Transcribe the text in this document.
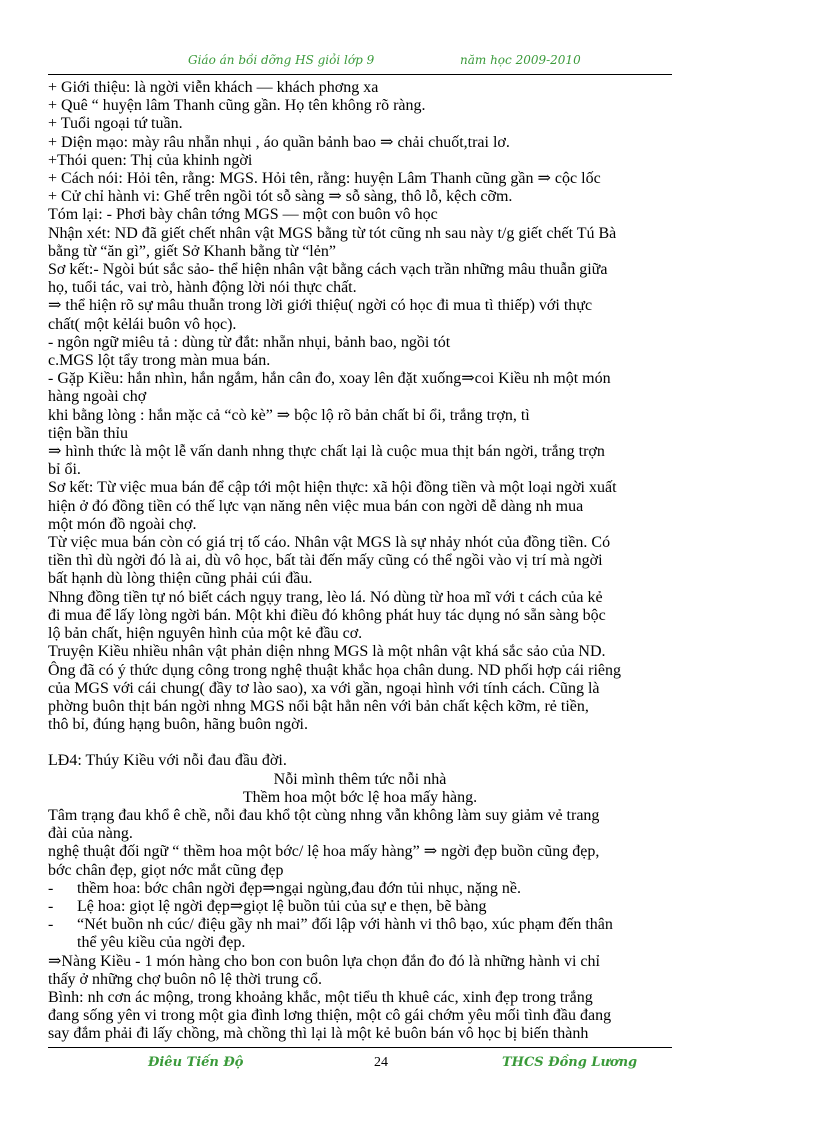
Giáo án bồi dỡng HS giỏi lớp 9	năm học 2009-2010
+ Giới thiệu: là ngời viễn khách — khách phơng xa
+ Quê “ huyện lâm Thanh cũng gần. Họ tên không rõ ràng.
+ Tuổi ngoại tứ tuần.
+ Diện mạo: mày râu nhẵn nhụi , áo quần bảnh bao ⇒ chải chuốt,trai lơ.
+Thói quen: Thị của khinh ngời
+ Cách nói: Hỏi tên, rằng: MGS. Hỏi tên, rằng: huyện Lâm Thanh cũng gần ⇒ cộc lốc
+ Cử chỉ hành vi: Ghế trên ngồi tót sỗ sàng ⇒ sỗ sàng, thô lỗ, kệch cỡm.
Tóm lại: - Phơi bày chân tớng MGS — một con buôn vô học
Nhận xét: ND đã giết chết nhân vật MGS bằng từ tót cũng nh sau này t/g giết chết Tú Bà
bằng từ “ăn gì”, giết Sở Khanh bằng từ “lẻn”
Sơ kết:- Ngòi bút sắc sảo- thể hiện nhân vật bằng cách vạch trần những mâu thuẫn giữa
họ, tuổi tác, vai trò, hành động lời nói thực chất.
⇒ thể hiện rõ sự mâu thuẫn trong lời giới thiệu( ngời có học đi mua tì thiếp) với thực
chất( một kẻlái buôn vô học).
- ngôn ngữ miêu tả : dùng từ đắt: nhẵn nhụi, bảnh bao, ngồi tót
c.MGS lột tẩy trong màn mua bán.
- Gặp Kiều: hắn nhìn, hắn ngắm, hắn cân đo, xoay lên đặt xuống⇒coi Kiều nh một món
hàng ngoài chợ
khi bằng lòng : hắn mặc cả “cò kè” ⇒ bộc lộ rõ bản chất bỉ ổi, trắng trợn, tì
tiện bần thỉu
⇒ hình thức là một lễ vấn danh nhng thực chất lại là cuộc mua thịt bán ngời, trắng trợn
bỉ ổi.
Sơ kết: Từ việc mua bán để cập tới một hiện thực: xã hội đồng tiền và một loại ngời xuất
hiện ở đó đồng tiền có thế lực vạn năng nên việc mua bán con ngời dễ dàng nh mua
một món đồ ngoài chợ.
Từ việc mua bán còn có giá trị tố cáo. Nhân vật MGS là sự nhảy nhót của đồng tiền. Có
tiền thì dù ngời đó là ai, dù vô học, bất tài đến mấy cũng có thể ngồi vào vị trí mà ngời
bất hạnh dù lòng thiện cũng phải cúi đầu.
Nhng đồng tiền tự nó biết cách ngụy trang, lèo lá. Nó dùng từ hoa mĩ với t cách của kẻ
đi mua để lấy lòng ngời bán. Một khi điều đó không phát huy tác dụng nó sẵn sàng bộc
lộ bản chất, hiện nguyên hình của một kẻ đầu cơ.
Truyện Kiều nhiều nhân vật phản diện nhng MGS là một nhân vật khá sắc sảo của ND.
Ông đã có ý thức dụng công trong nghệ thuật khắc họa chân dung. ND phối hợp cái riêng
của MGS với cái chung( đầy tơ lào sao), xa với gần, ngoại hình với tính cách. Cũng là
phờng buôn thịt bán ngời nhng MGS nổi bật hẳn nên với bản chất kệch kỡm, rẻ tiền,
thô bỉ, đúng hạng buôn, hãng buôn ngời.
LĐ4: Thúy Kiều với nỗi đau đầu đời.
Nỗi mình thêm tức nỗi nhà
Thềm hoa một bớc lệ hoa mấy hàng.
Tâm trạng đau khổ ê chề, nỗi đau khổ tột cùng nhng vẫn không làm suy giảm vẻ trang
đài của nàng.
nghệ thuật đối ngữ “ thềm hoa một bớc/ lệ hoa mấy hàng” ⇒ ngời đẹp buồn cũng đẹp,
bớc chân đẹp, giọt nớc mắt cũng đẹp
- thềm hoa: bớc chân ngời đẹp⇒ngại ngùng,đau đớn tủi nhục, nặng nề.
- Lệ hoa: giọt lệ ngời đẹp⇒giọt lệ buồn tủi của sự e thẹn, bẽ bàng
- “Nét buồn nh cúc/ điệu gầy nh mai” đối lập với hành vi thô bạo, xúc phạm đến thân
thể yêu kiều của ngời đẹp.
⇒Nàng Kiều - 1 món hàng cho bon con buôn lựa chọn đắn đo đó là những hành vi chỉ
thấy ở những chợ buôn nô lệ thời trung cổ.
Bình: nh cơn ác mộng, trong khoảng khắc, một tiểu th khuê các, xinh đẹp trong trắng
đang sống yên vi trong một gia đình lơng thiện, một cô gái chớm yêu mối tình đầu đang
say đắm phải đi lấy chồng, mà chồng thì lại là một kẻ buôn bán vô học bị biến thành
Điêu Tiến Độ	24	THCS Đồng Lương
